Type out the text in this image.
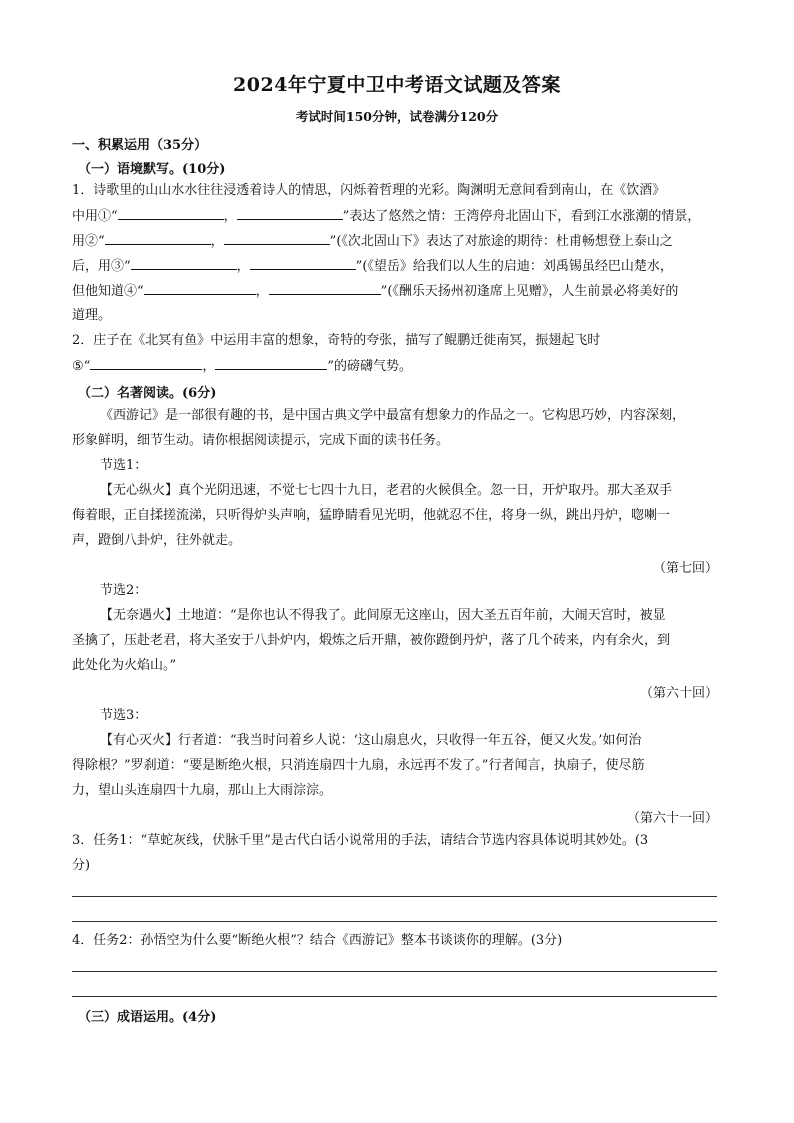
2024年宁夏中卫中考语文试题及答案
考试时间150分钟，试卷满分120分
一、积累运用（35分）
（一）语境默写。(10分)
1．诗歌里的山山水水往往浸透着诗人的情思，闪烁着哲理的光彩。陶渊明无意间看到南山，在《饮酒》
中用①“	，	”表达了悠然之情：王湾停舟北固山下，看到江水涨潮的情景，
用②“	，	”(《次北固山下》表达了对旅途的期待：杜甫畅想登上泰山之
后，用③“	，	”(《望岳》给我们以人生的启迪：刘禹锡虽经巴山楚水，
但他知道④“	，	”(《酬乐天扬州初逢席上见赠》，人生前景必将美好的
道理。
2．庄子在《北冥有鱼》中运用丰富的想象，奇特的夸张，描写了鲲鹏迁徙南冥，振翅起飞时
⑤“	，	”的磅礴气势。
（二）名著阅读。(6分)
《西游记》是一部很有趣的书，是中国古典文学中最富有想象力的作品之一。它构思巧妙，内容深刻，
形象鲜明，细节生动。请你根据阅读提示，完成下面的读书任务。
节选1：
【无心纵火】真个光阴迅速，不觉七七四十九日，老君的火候俱全。忽一日，开炉取丹。那大圣双手
侮着眼，正自揉搓流涕，只听得炉头声响，猛睁睛看见光明，他就忍不住，将身一纵，跳出丹炉，唿喇一
声，蹬倒八卦炉，往外就走。
（第七回）
节选2：
【无奈遇火】土地道：“是你也认不得我了。此间原无这座山，因大圣五百年前，大闹天宫时，被显
圣擒了，压赴老君，将大圣安于八卦炉内，煅炼之后开鼎，被你蹬倒丹炉，落了几个砖来，内有余火，到
此处化为火焰山。”
（第六十回）
节选3：
【有心灭火】行者道：“我当时问着乡人说：‘这山扇息火，只收得一年五谷，便又火发。’如何治
得除根？”罗刹道：“要是断绝火根，只消连扇四十九扇，永远再不发了。”行者闻言，执扇子，使尽筋
力，望山头连扇四十九扇，那山上大雨淙淙。
（第六十一回）
3．任务1：“草蛇灰线，伏脉千里”是古代白话小说常用的手法，请结合节选内容具体说明其妙处。(3
分)
4．任务2：孙悟空为什么要“断绝火根”？结合《西游记》整本书谈谈你的理解。(3分)
（三）成语运用。(4分)
